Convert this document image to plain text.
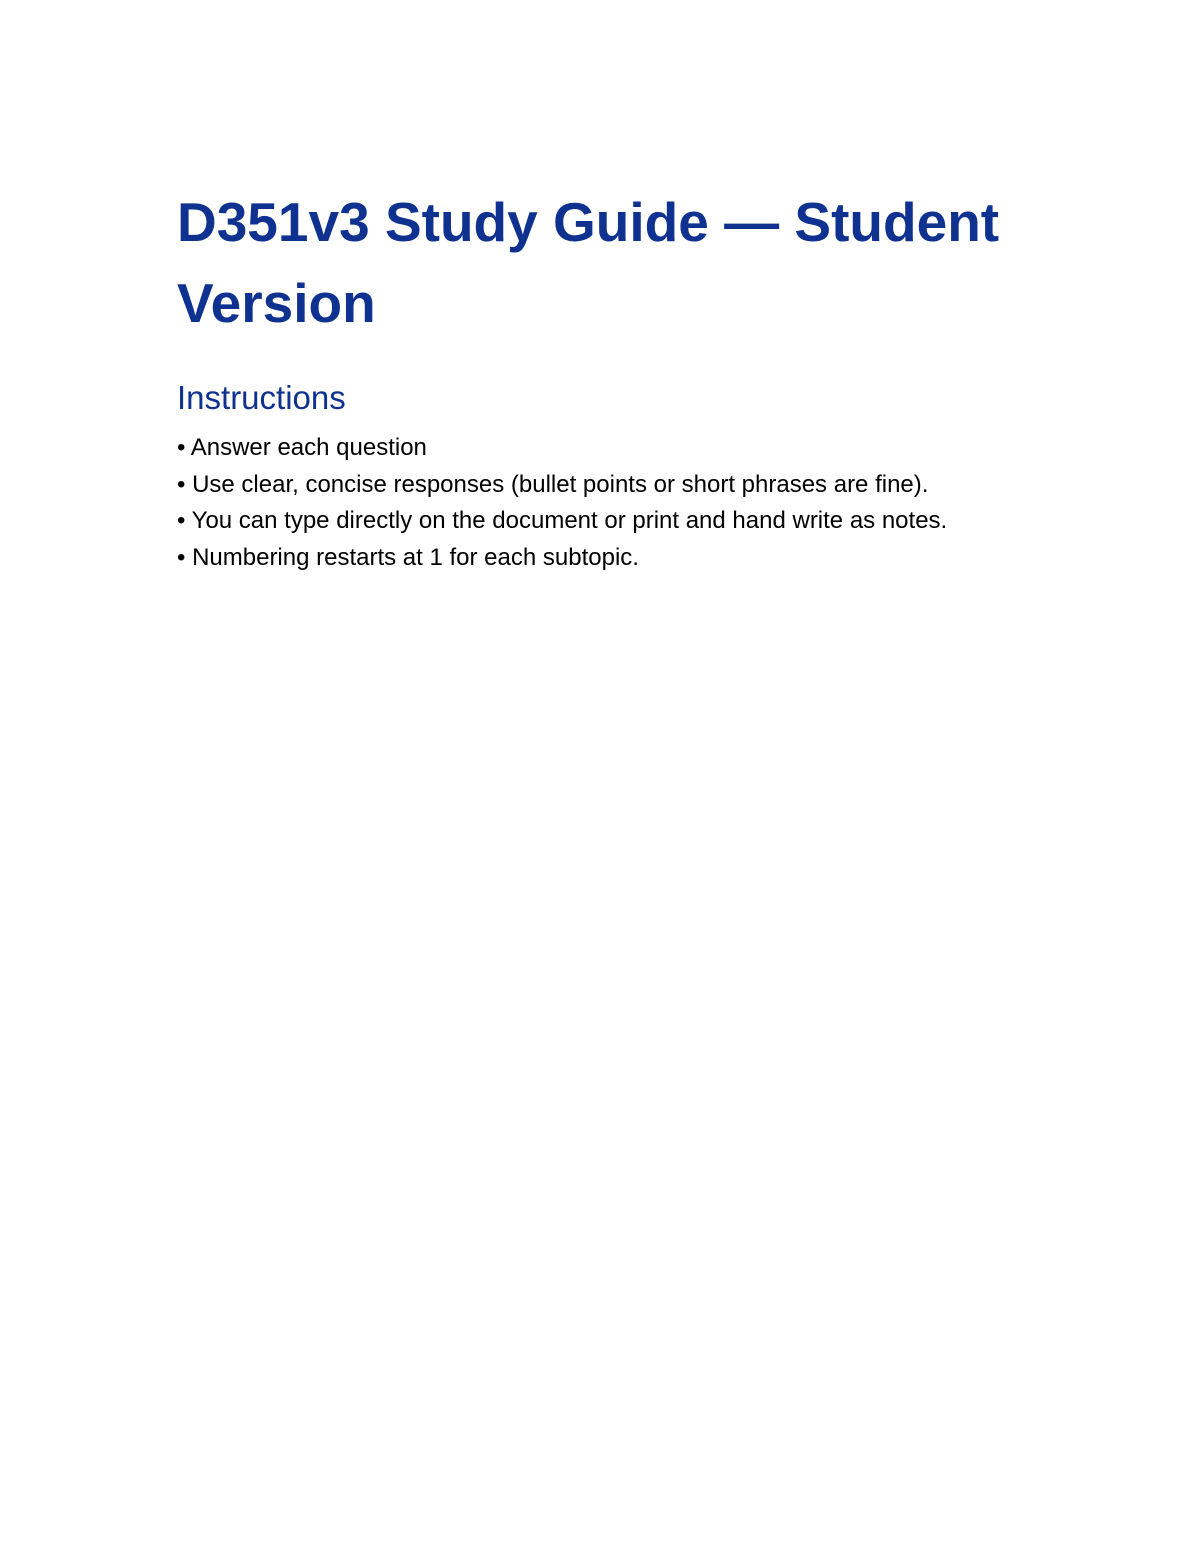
D351v3 Study Guide — Student Version
Instructions
• Answer each question
• Use clear, concise responses (bullet points or short phrases are fine).
• You can type directly on the document or print and hand write as notes.
• Numbering restarts at 1 for each subtopic.
